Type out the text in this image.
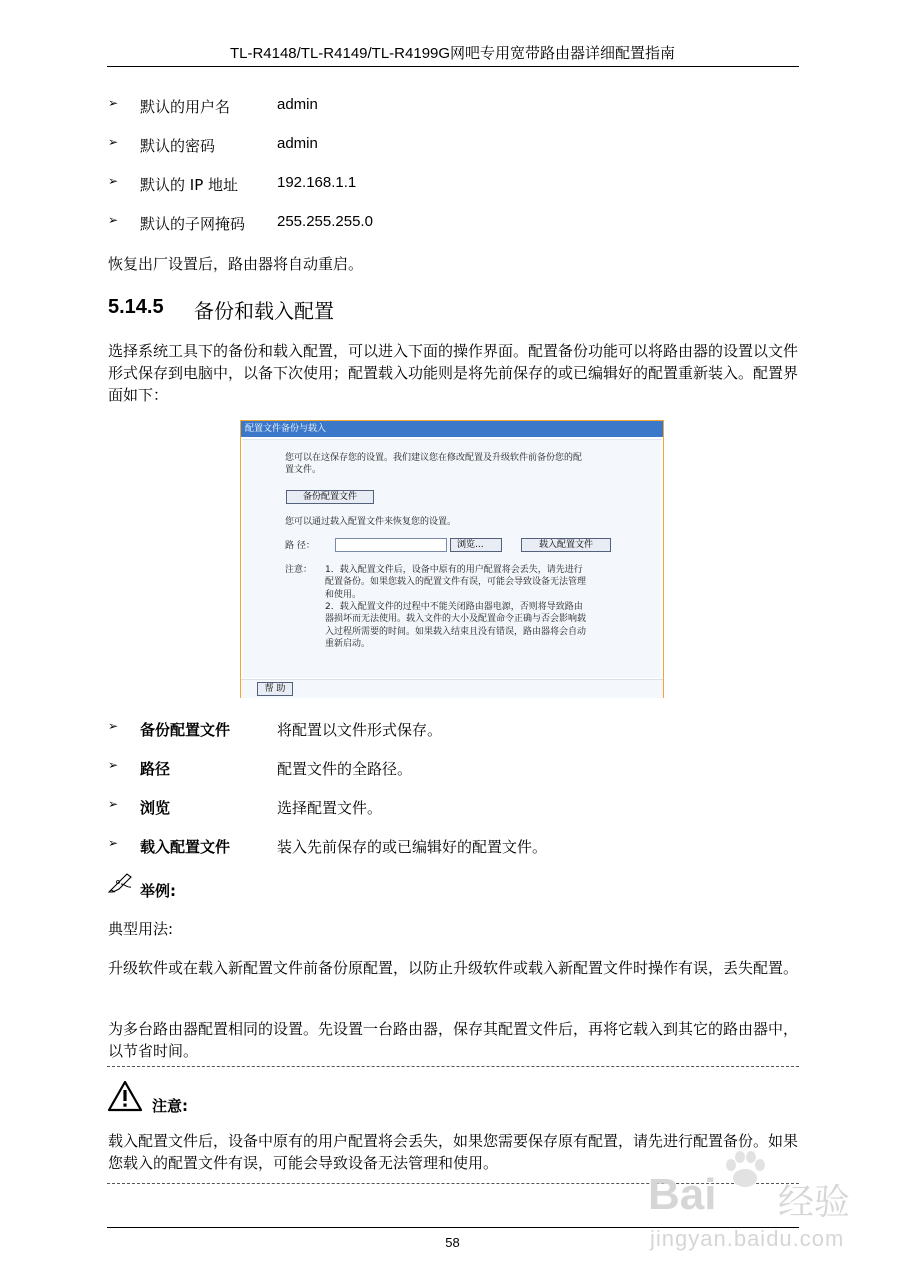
TL-R4148/TL-R4149/TL-R4199G网吧专用宽带路由器详细配置指南
➢ 默认的用户名	admin
➢ 默认的密码	admin
➢ 默认的 IP 地址	192.168.1.1
➢ 默认的子网掩码 255.255.255.0
恢复出厂设置后，路由器将自动重启。
5.14.5 备份和载入配置
选择系统工具下的备份和载入配置，可以进入下面的操作界面。配置备份功能可以将路由器的设置以文件形式保存到电脑中，以备下次使用；配置载入功能则是将先前保存的或已编辑好的配置重新装入。配置界面如下：
配置文件备份与载入
您可以在这保存您的设置。我们建议您在修改配置及升级软件前备份您的配
置文件。
备份配置文件
您可以通过载入配置文件来恢复您的设置。
路 径：	浏览...	载入配置文件
注意： 1．载入配置文件后，设备中原有的用户配置将会丢失，请先进行
配置备份。如果您载入的配置文件有误，可能会导致设备无法管理
和使用。
2．载入配置文件的过程中不能关闭路由器电源，否则将导致路由
器损坏而无法使用。载入文件的大小及配置命令正确与否会影响载
入过程所需要的时间。如果载入结束且没有错误，路由器将会自动
重新启动。
帮 助
➢ 备份配置文件	将配置以文件形式保存。
➢ 路径	配置文件的全路径。
➢ 浏览	选择配置文件。
➢ 载入配置文件	装入先前保存的或已编辑好的配置文件。
举例:
典型用法:
升级软件或在载入新配置文件前备份原配置，以防止升级软件或载入新配置文件时操作有误，丢失配置。
为多台路由器配置相同的设置。先设置一台路由器，保存其配置文件后，再将它载入到其它的路由器中，以节省时间。
注意:
载入配置文件后，设备中原有的用户配置将会丢失，如果您需要保存原有配置，请先进行配置备份。如果您载入的配置文件有误，可能会导致设备无法管理和使用。
Bai 经验
jingyan.baidu.com
58
